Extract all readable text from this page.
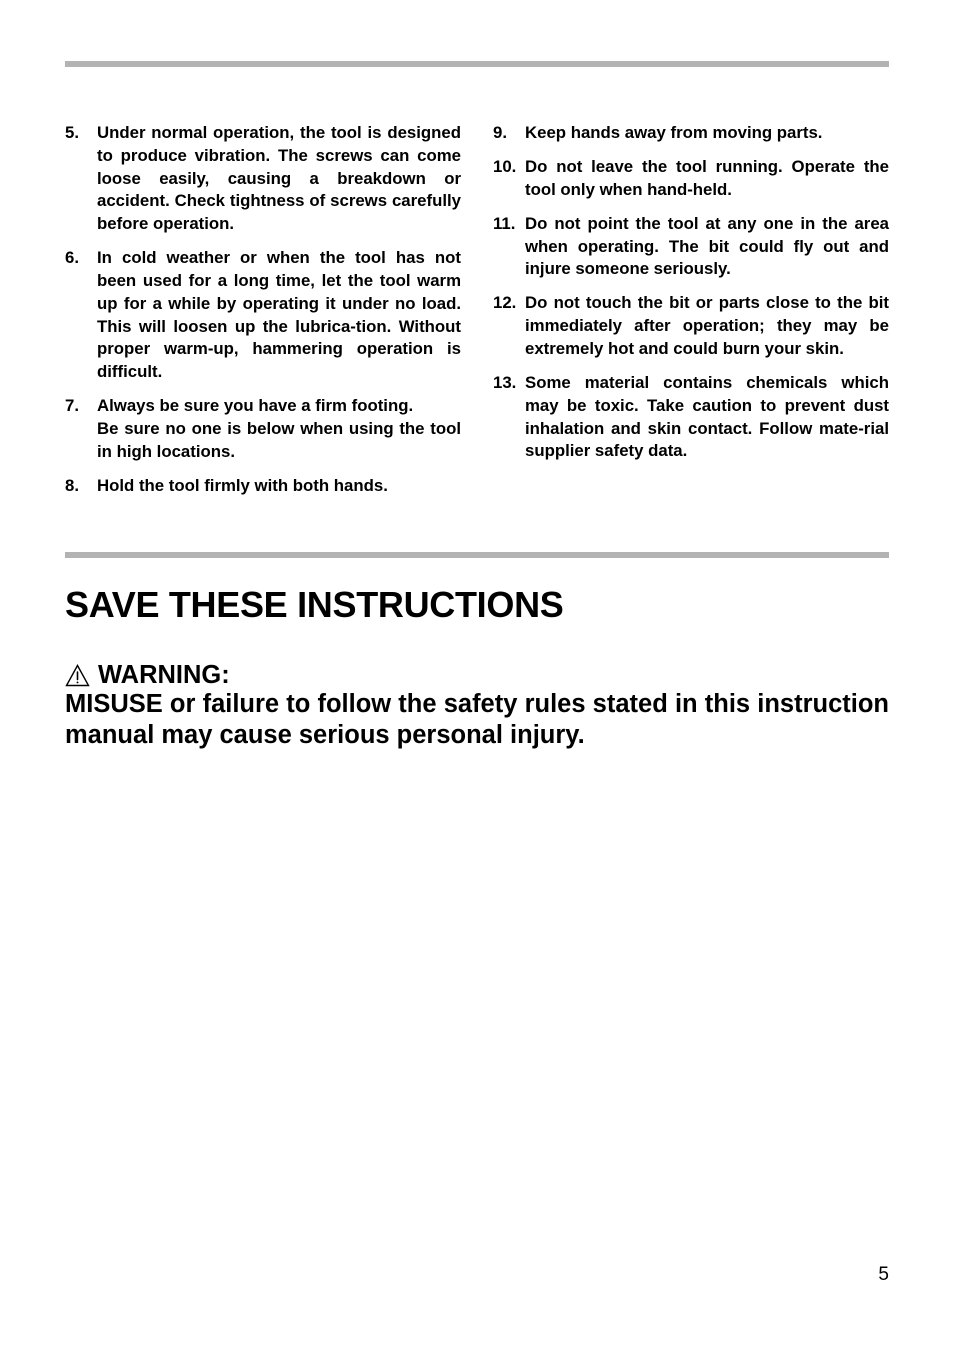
5.	Under normal operation, the tool is designed to produce vibration. The screws can come loose easily, causing a breakdown or accident. Check tightness of screws carefully before operation.
6.	In cold weather or when the tool has not been used for a long time, let the tool warm up for a while by operating it under no load. This will loosen up the lubrica-tion. Without proper warm-up, hammering operation is difficult.
7.	Always be sure you have a firm footing.
Be sure no one is below when using the tool in high locations.
8.	Hold the tool firmly with both hands.
9.	Keep hands away from moving parts.
10. Do not leave the tool running. Operate the tool only when hand-held.
11. Do not point the tool at any one in the area when operating. The bit could fly out and injure someone seriously.
12. Do not touch the bit or parts close to the bit immediately after operation; they may be extremely hot and could burn your skin.
13. Some material contains chemicals which may be toxic. Take caution to prevent dust inhalation and skin contact. Follow mate-rial supplier safety data.
SAVE THESE INSTRUCTIONS
WARNING:

MISUSE or failure to follow the safety rules stated in this instruction manual may cause serious personal injury.

5
